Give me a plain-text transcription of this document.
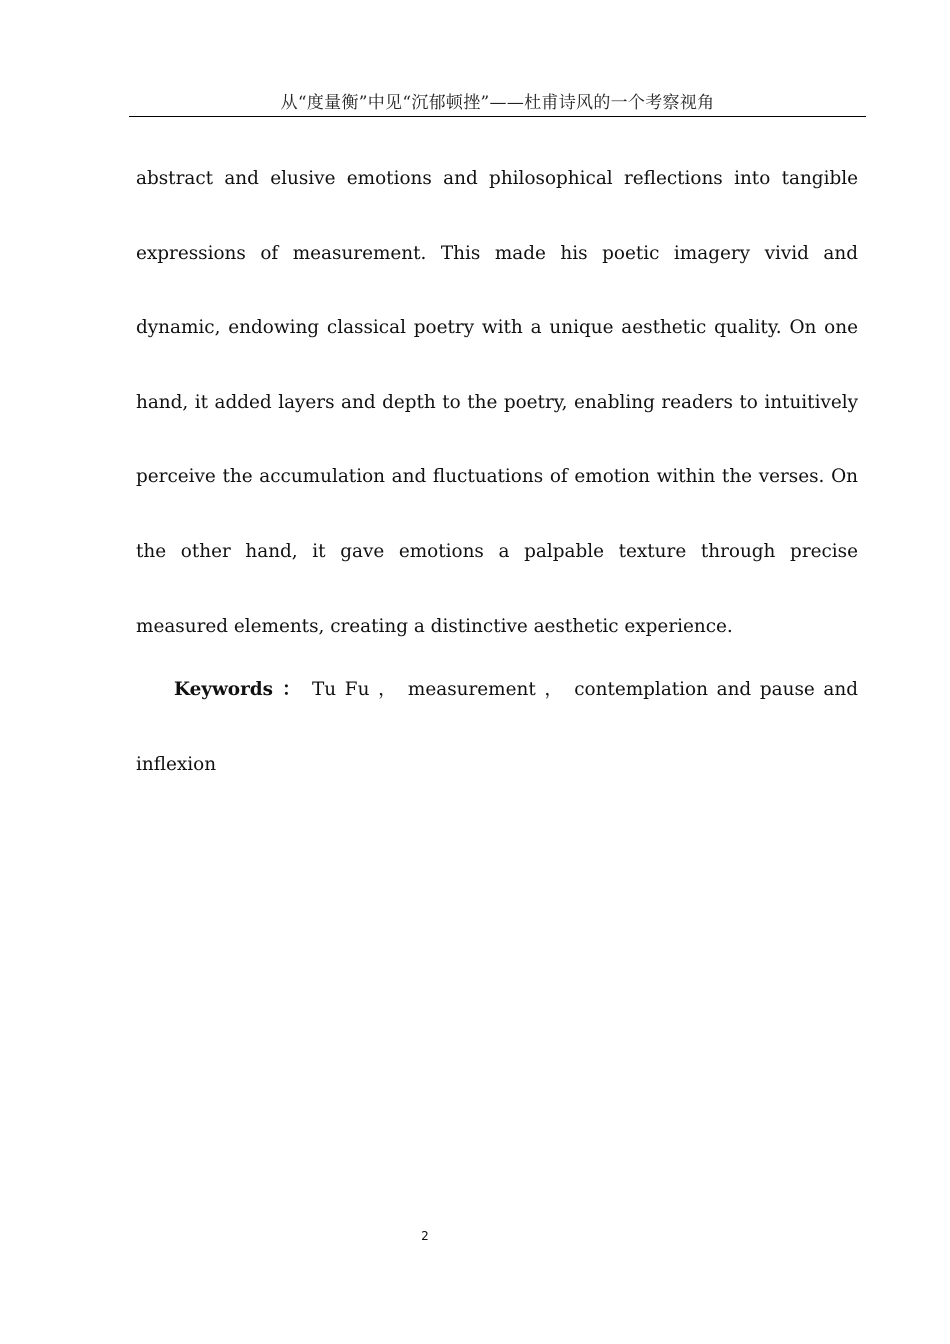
从“度量衡”中见“沉郁顿挫”——杜甫诗风的一个考察视角

abstract and elusive emotions and philosophical reflections into tangible expressions of measurement. This made his poetic imagery vivid and dynamic, endowing classical poetry with a unique aesthetic quality. On one hand, it added layers and depth to the poetry, enabling readers to intuitively perceive the accumulation and fluctuations of emotion within the verses. On the other hand, it gave emotions a palpable texture through precise measured elements, creating a distinctive aesthetic experience.

Keywords ： Tu Fu ， measurement ， contemplation and pause and inflexion

2
